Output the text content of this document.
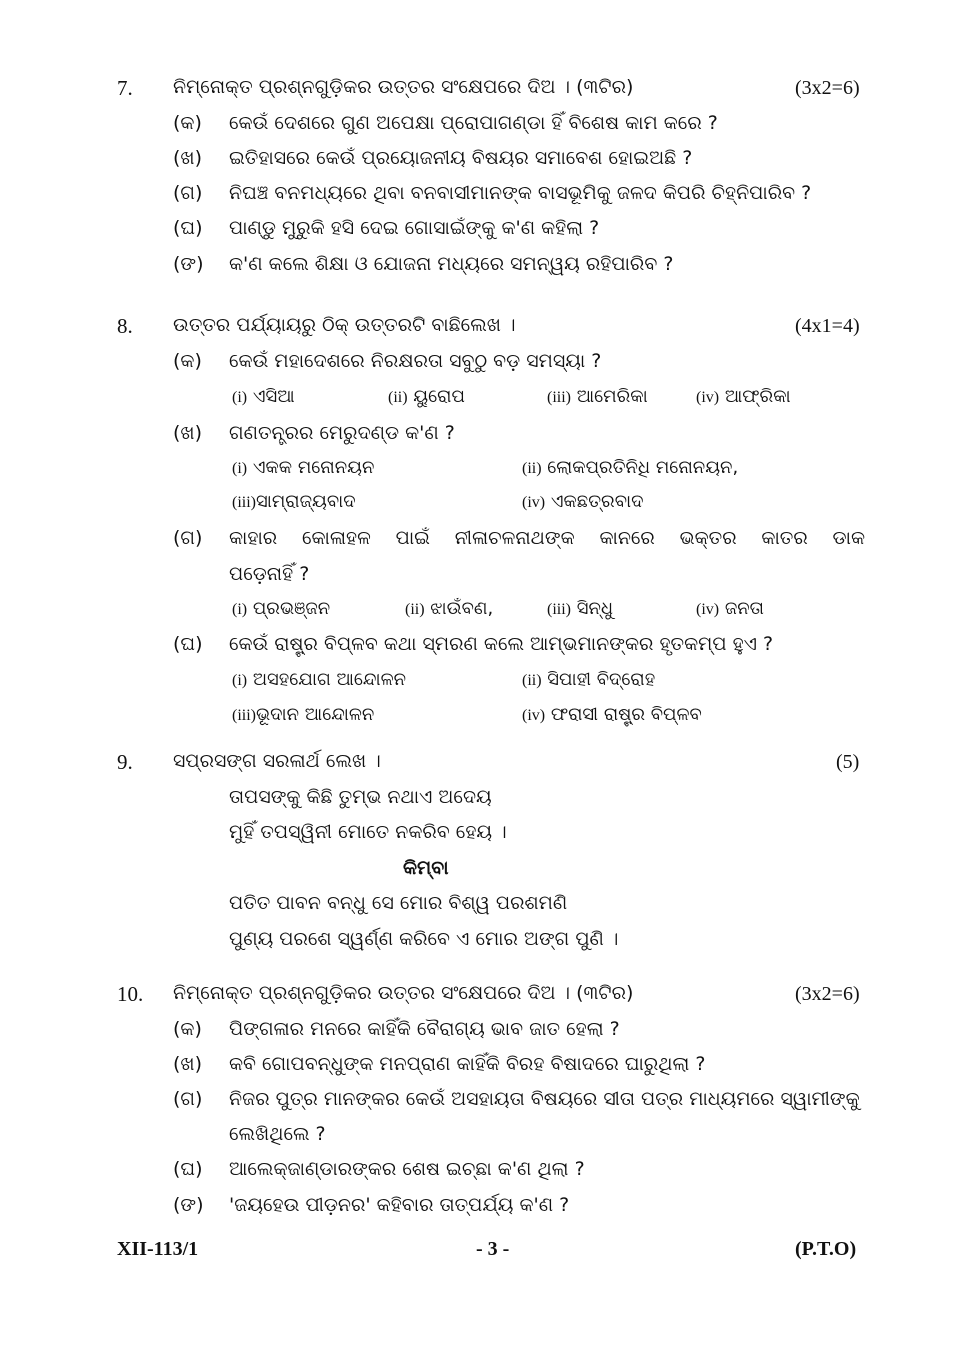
7. ନିମ୍ନୋକ୍ତ ପ୍ରଶ୍ନଗୁଡ଼ିକର ଉତ୍ତର ସଂକ୍ଷେପରେ ଦିଅ । (୩ଟିର)	(3x2=6)
(କ) କେଉଁ ଦେଶରେ ଗୁଣ ଅପେକ୍ଷା ପ୍ରୋପାଗଣ୍ଡା ହିଁ ବିଶେଷ କାମ କରେ ?
(ଖ) ଇତିହାସରେ କେଉଁ ପ୍ରୟୋଜନୀୟ ବିଷୟର ସମାବେଶ ହୋଇଅଛି ?
(ଗ) ନିଘଞ୍ଚ ବନମଧ୍ୟରେ ଥିବା ବନବାସୀମାନଙ୍କ ବାସଭୂମିକୁ ଜଳଦ କିପରି ଚିହ୍ନିପାରିବ ?
(ଘ) ପାଣ୍ଡୁ ମୁରୁକି ହସି ଦେଇ ଗୋସାଇଁଙ୍କୁ କ'ଣ କହିଲା ?
(ଙ) କ'ଣ କଲେ ଶିକ୍ଷା ଓ ଯୋଜନା ମଧ୍ୟରେ ସମନ୍ୱୟ ରହିପାରିବ ?
8. ଉତ୍ତର ପର୍ଯ୍ୟାୟରୁ ଠିକ୍ ଉତ୍ତରଟି ବାଛିଲେଖ ।	(4x1=4)
(କ) କେଉଁ ମହାଦେଶରେ ନିରକ୍ଷରତା ସବୁଠୁ ବଡ଼ ସମସ୍ୟା ?
(i) ଏସିଆ	(ii) ୟୁରୋପ	(iii) ଆମେରିକା	(iv) ଆଫ୍ରିକା
(ଖ) ଗଣତନ୍ତ୍ରର ମେରୁଦଣ୍ଡ କ'ଣ ?
(i) ଏକକ ମନୋନୟନ	(ii) ଲୋକପ୍ରତିନିଧି ମନୋନୟନ,
(iii)ସାମ୍ରାଜ୍ୟବାଦ	(iv) ଏକଛତ୍ରବାଦ
(ଗ) କାହାର କୋଳାହଳ ପାଇଁ ନୀଳାଚଳନାଥଙ୍କ କାନରେ ଭକ୍ତର କାତର ଡାକ
ପଡ଼େନାହିଁ ?
(i) ପ୍ରଭଞ୍ଜନ	(ii) ଝାଉଁବଣ,	(iii) ସିନ୍ଧୁ	(iv) ଜନତା
(ଘ) କେଉଁ ରାଷ୍ଟ୍ର ବିପ୍ଳବ କଥା ସ୍ମରଣ କଲେ ଆମ୍ଭମାନଙ୍କର ହୃତକମ୍ପ ହୁଏ ?
(i) ଅସହଯୋଗ ଆନ୍ଦୋଳନ	(ii) ସିପାହୀ ବିଦ୍ରୋହ
(iii)ଭୂଦାନ ଆନ୍ଦୋଳନ	(iv) ଫରାସୀ ରାଷ୍ଟ୍ର ବିପ୍ଳବ
9. ସପ୍ରସଙ୍ଗ ସରଳାର୍ଥ ଲେଖ ।	(5)
ତାପସଙ୍କୁ କିଛି ତୁମ୍ଭ ନଥାଏ ଅଦେୟ
ମୁହିଁ ତପସ୍ୱିନୀ ମୋତେ ନକରିବ ହେୟ ।
କିମ୍ବା
ପତିତ ପାବନ ବନ୍ଧୁ ସେ ମୋର ବିଶ୍ୱ ପରଶମଣି
ପୁଣ୍ୟ ପରଶେ ସ୍ୱର୍ଣ୍ଣ କରିବେ ଏ ମୋର ଅଙ୍ଗ ପୁଣି ।
10. ନିମ୍ନୋକ୍ତ ପ୍ରଶ୍ନଗୁଡ଼ିକର ଉତ୍ତର ସଂକ୍ଷେପରେ ଦିଅ । (୩ଟିର)	(3x2=6)
(କ) ପିଙ୍ଗଳାର ମନରେ କାହିଁକି ବୈରାଗ୍ୟ ଭାବ ଜାତ ହେଲା ?
(ଖ) କବି ଗୋପବନ୍ଧୁଙ୍କ ମନପ୍ରାଣ କାହିଁକି ବିରହ ବିଷାଦରେ ଘାରୁଥିଲା ?
(ଗ) ନିଜର ପୁତ୍ର ମାନଙ୍କର କେଉଁ ଅସହାୟତା ବିଷୟରେ ସୀତା ପତ୍ର ମାଧ୍ୟମରେ ସ୍ୱାମୀଙ୍କୁ
ଲେଖିଥିଲେ ?
(ଘ) ଆଲେକ୍ଜାଣ୍ଡାରଙ୍କର ଶେଷ ଇଚ୍ଛା କ'ଣ ଥିଲା ?
(ଙ) 'ଜୟହେଉ ପୀଡ଼ନର' କହିବାର ତାତ୍ପର୍ଯ୍ୟ କ'ଣ ?
XII-113/1	- 3 -	(P.T.O)
